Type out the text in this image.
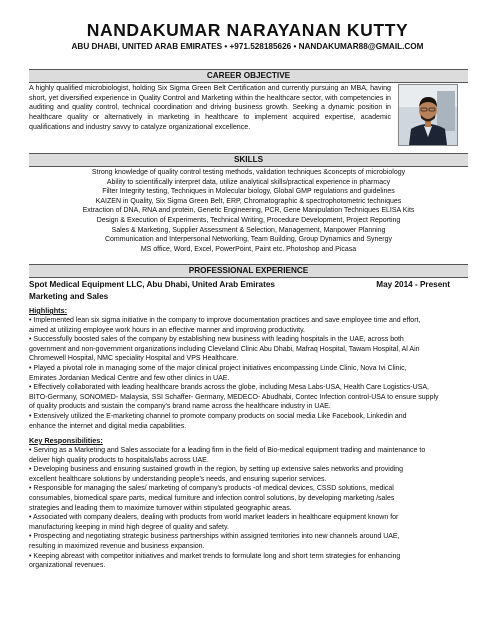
NANDAKUMAR NARAYANAN KUTTY
ABU DHABI, UNITED ARAB EMIRATES • +971.528185626 • NANDAKUMAR88@GMAIL.COM
CAREER OBJECTIVE
A highly qualified microbiologist, holding Six Sigma Green Belt Certification and currently pursuing an MBA, having short, yet diversified experience in Quality Control and Marketing within the healthcare sector, with competencies in auditing and quality control, technical coordination and driving business growth. Seeking a dynamic position in healthcare quality or alternatively in marketing in healthcare to implement acquired expertise, academic qualifications and industry savvy to catalyze organizational excellence.
SKILLS
Strong knowledge of quality control testing methods, validation techniques &concepts of microbiology
Ability to scientifically interpret data, utilize analytical skills/practical experience in pharmacy
Filter Integrity testing, Techniques in Molecular biology, Global GMP regulations and guidelines
KAIZEN in Quality, Six Sigma Green Belt, ERP, Chromatographic & spectrophotometric techniques
Extraction of DNA, RNA and protein, Genetic Engineering, PCR, Gene Manipulation Techniques ELISA Kits
Design & Execution of Experiments, Technical Writing, Procedure Development, Project Reporting
Sales & Marketing, Supplier Assessment & Selection, Management, Manpower Planning
Communication and Interpersonal Networking, Team Building, Group Dynamics and Synergy
MS office, Word, Excel, PowerPoint, Paint etc. Photoshop and Picasa
PROFESSIONAL EXPERIENCE
Spot Medical Equipment LLC, Abu Dhabi, United Arab Emirates	May 2014 - Present
Marketing and Sales
Highlights:
• Implemented lean six sigma initiative in the company to improve documentation practices and save employee time and effort,
aimed at utilizing employee work hours in an effective manner and improving productivity.
• Successfully boosted sales of the company by establishing new business with leading hospitals in the UAE, across both
government and non-government organizations including Cleveland Clinic Abu Dhabi, Mafraq Hospital, Tawam Hospital, Al Ain
Chromewell Hospital, NMC speciality Hospital and VPS Healthcare.
• Played a pivotal role in managing some of the major clinical project initiatives encompassing Linde Clinic, Nova Ivi Clinic,
Emirates Jordanian Medical Centre and few other clinics in UAE.
• Effectively collaborated with leading healthcare brands across the globe, including Mesa Labs-USA, Health Care Logistics-USA,
BITO-Germany, SONOMED- Malaysia, SSI Schaffer- Germany, MEDECO- Abudhabi, Contec Infection control-USA to ensure supply
of quality products and sustain the company's brand name across the healthcare industry in UAE.
• Extensively utilized the E-marketing channel to promote company products on social media Like Facebook, Linkedin and
enhance the internet and digital media capabilities.
Key Responsibilities:
• Serving as a Marketing and Sales associate for a leading firm in the field of Bio-medical equipment trading and maintenance to
deliver high quality products to hospitals/labs across UAE.
• Developing business and ensuring sustained growth in the region, by setting up extensive sales networks and providing
excellent healthcare solutions by understanding people's needs, and ensuring superior services.
• Responsible for managing the sales/ marketing of company's products -of medical devices, CSSD solutions, medical
consumables, biomedical spare parts, medical furniture and infection control solutions, by developing marketing /sales
strategies and leading them to maximize turnover within stipulated geographic areas.
• Associated with company dealers, dealing with products from world market leaders in healthcare equipment known for
manufacturing keeping in mind high degree of quality and safety.
• Prospecting and negotiating strategic business partnerships within assigned territories into new channels around UAE,
resulting in maximized revenue and business expansion.
• Keeping abreast with competitor initiatives and market trends to formulate long and short term strategies for enhancing
organizational revenues.
